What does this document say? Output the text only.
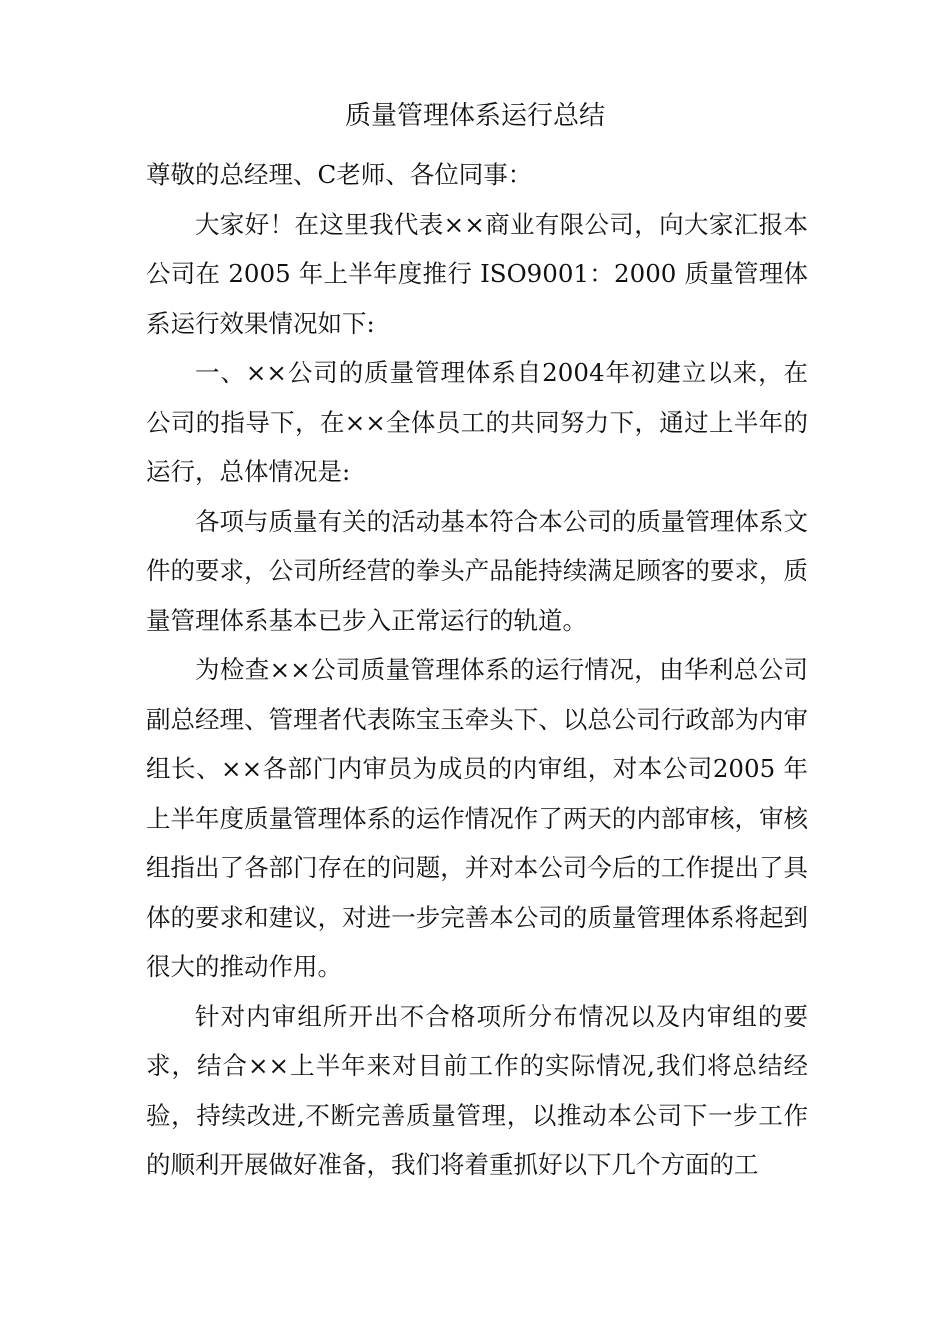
质量管理体系运行总结

尊敬的总经理、C老师、各位同事：

大家好！在这里我代表××商业有限公司，向大家汇报本公司在 2005 年上半年度推行 ISO9001：2000 质量管理体系运行效果情况如下:

一、××公司的质量管理体系自2004年初建立以来，在公司的指导下，在××全体员工的共同努力下，通过上半年的运行，总体情况是:

各项与质量有关的活动基本符合本公司的质量管理体系文件的要求，公司所经营的拳头产品能持续满足顾客的要求，质量管理体系基本已步入正常运行的轨道。

为检查××公司质量管理体系的运行情况，由华利总公司副总经理、管理者代表陈宝玉牵头下、以总公司行政部为内审组长、××各部门内审员为成员的内审组，对本公司2005 年上半年度质量管理体系的运作情况作了两天的内部审核，审核组指出了各部门存在的问题，并对本公司今后的工作提出了具体的要求和建议，对进一步完善本公司的质量管理体系将起到很大的推动作用。

针对内审组所开出不合格项所分布情况以及内审组的要求，结合××上半年来对目前工作的实际情况,我们将总结经验，持续改进,不断完善质量管理，以推动本公司下一步工作的顺利开展做好准备，我们将着重抓好以下几个方面的工
